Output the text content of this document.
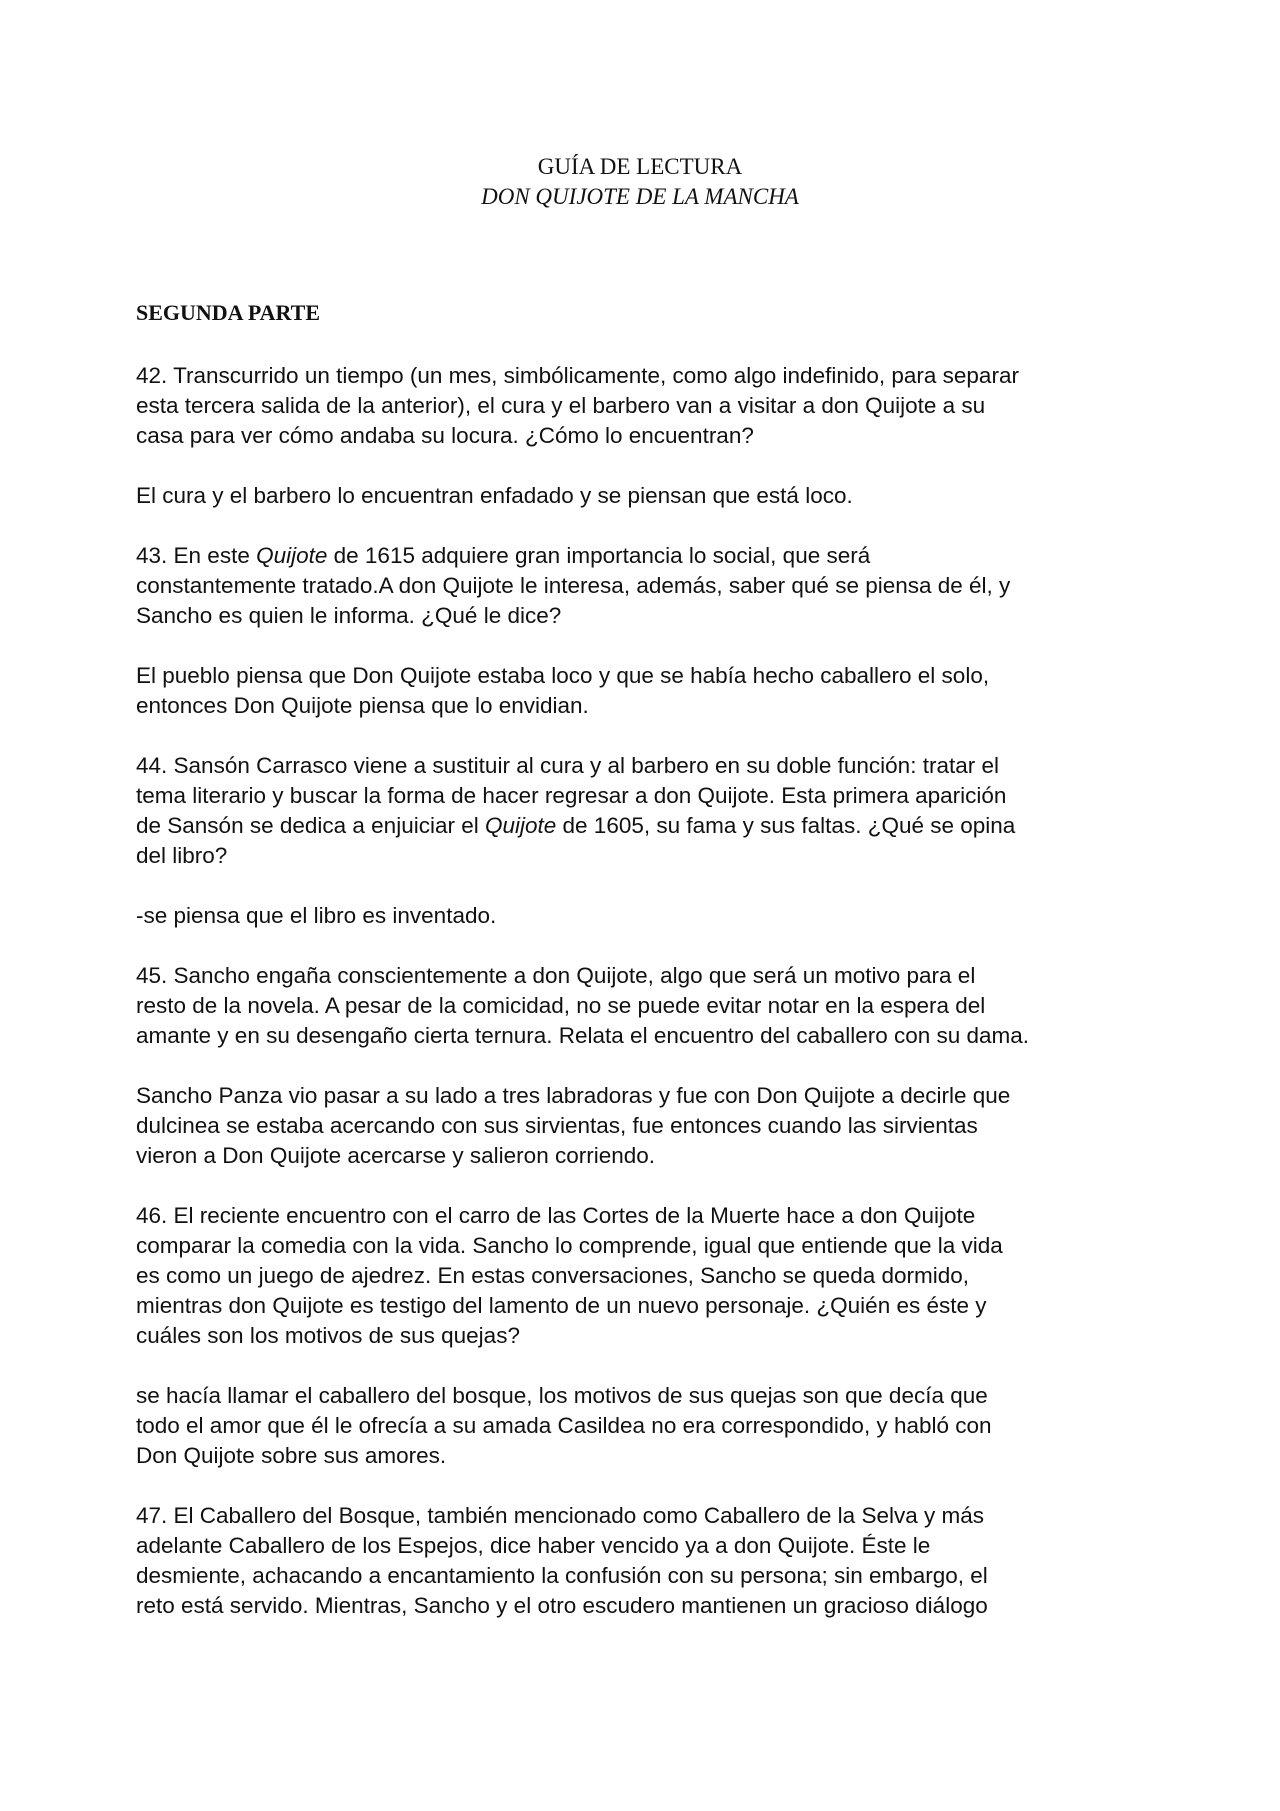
GUÍA DE LECTURA
DON QUIJOTE DE LA MANCHA
SEGUNDA PARTE

42. Transcurrido un tiempo (un mes, simbólicamente, como algo indefinido, para separar
esta tercera salida de la anterior), el cura y el barbero van a visitar a don Quijote a su
casa para ver cómo andaba su locura. ¿Cómo lo encuentran?

El cura y el barbero lo encuentran enfadado y se piensan que está loco.

43. En este Quijote de 1615 adquiere gran importancia lo social, que será
constantemente tratado.A don Quijote le interesa, además, saber qué se piensa de él, y
Sancho es quien le informa. ¿Qué le dice?

El pueblo piensa que Don Quijote estaba loco y que se había hecho caballero el solo,
entonces Don Quijote piensa que lo envidian.

44. Sansón Carrasco viene a sustituir al cura y al barbero en su doble función: tratar el
tema literario y buscar la forma de hacer regresar a don Quijote. Esta primera aparición
de Sansón se dedica a enjuiciar el Quijote de 1605, su fama y sus faltas. ¿Qué se opina
del libro?

-se piensa que el libro es inventado.

45. Sancho engaña conscientemente a don Quijote, algo que será un motivo para el
resto de la novela. A pesar de la comicidad, no se puede evitar notar en la espera del
amante y en su desengaño cierta ternura. Relata el encuentro del caballero con su dama.

Sancho Panza vio pasar a su lado a tres labradoras y fue con Don Quijote a decirle que
dulcinea se estaba acercando con sus sirvientas, fue entonces cuando las sirvientas
vieron a Don Quijote acercarse y salieron corriendo.

46. El reciente encuentro con el carro de las Cortes de la Muerte hace a don Quijote
comparar la comedia con la vida. Sancho lo comprende, igual que entiende que la vida
es como un juego de ajedrez. En estas conversaciones, Sancho se queda dormido,
mientras don Quijote es testigo del lamento de un nuevo personaje. ¿Quién es éste y
cuáles son los motivos de sus quejas?

se hacía llamar el caballero del bosque, los motivos de sus quejas son que decía que
todo el amor que él le ofrecía a su amada Casildea no era correspondido, y habló con
Don Quijote sobre sus amores.

47. El Caballero del Bosque, también mencionado como Caballero de la Selva y más
adelante Caballero de los Espejos, dice haber vencido ya a don Quijote. Éste le
desmiente, achacando a encantamiento la confusión con su persona; sin embargo, el
reto está servido. Mientras, Sancho y el otro escudero mantienen un gracioso diálogo
